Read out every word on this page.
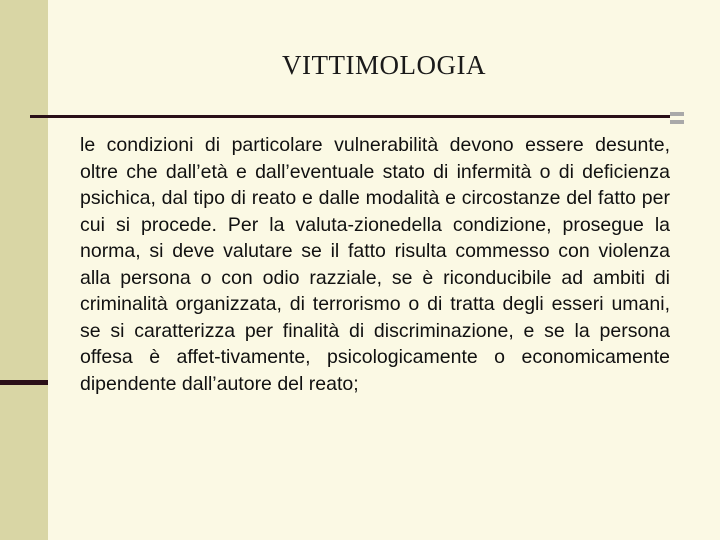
VITTIMOLOGIA

le condizioni di particolare vulnerabilità devono essere desunte, oltre che dall’età e dall’eventuale stato di infermità o di deficienza psichica, dal tipo di reato e dalle modalità e circostanze del fatto per cui si procede. Per la valuta-zionedella condizione, prosegue la norma, si deve valutare se il fatto risulta commesso con violenza alla persona o con odio razziale, se è riconducibile ad ambiti di criminalità organizzata, di terrorismo o di tratta degli esseri umani, se si caratterizza per finalità di discriminazione, e se la persona offesa è affet-tivamente, psicologicamente o economicamente dipendente dall’autore del reato;
